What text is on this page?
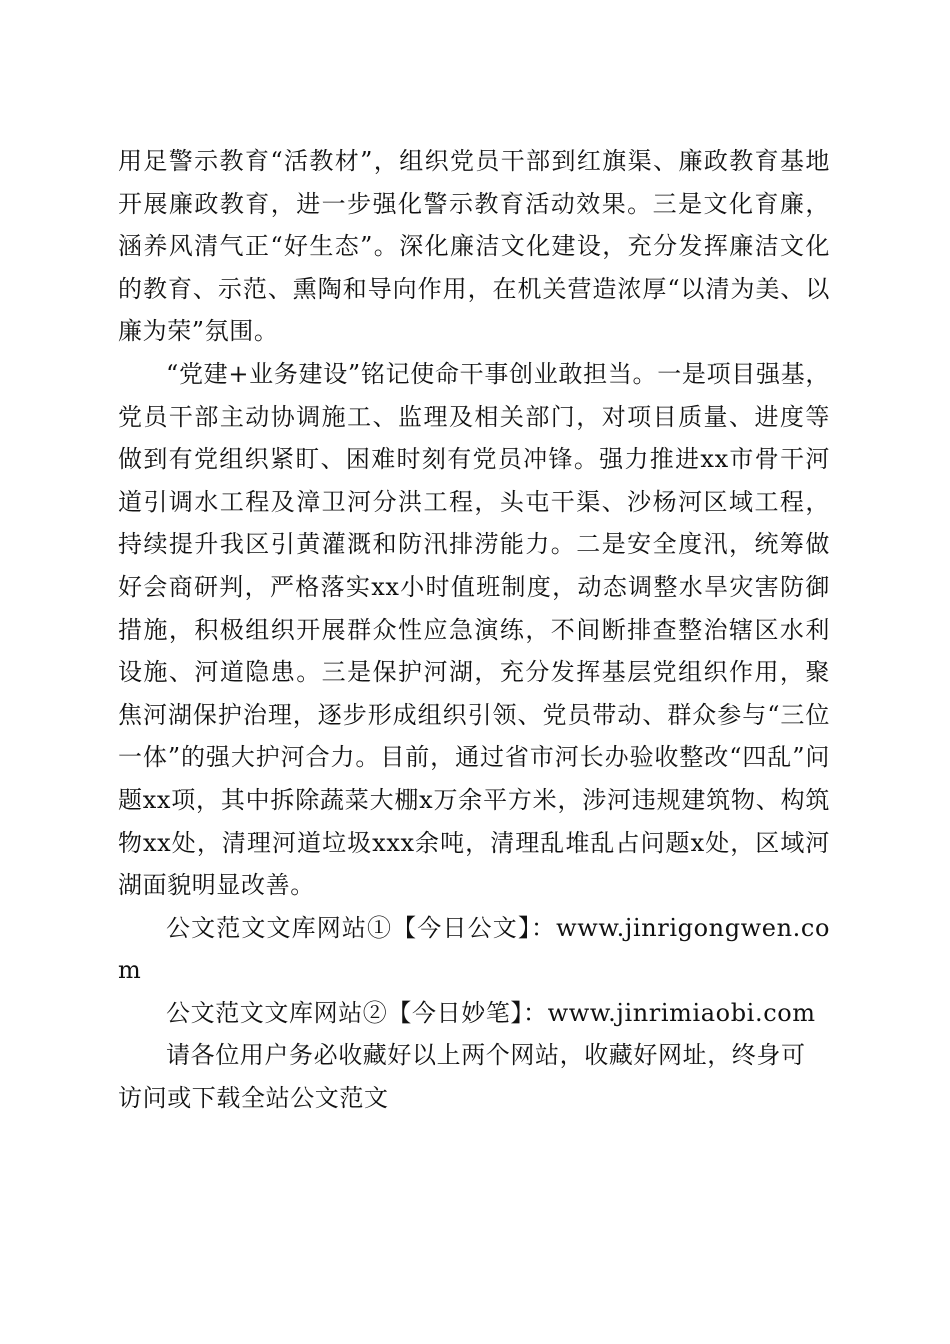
用足警示教育“活教材”，组织党员干部到红旗渠、廉政教育基地开展廉政教育，进一步强化警示教育活动效果。三是文化育廉，涵养风清气正“好生态”。深化廉洁文化建设，充分发挥廉洁文化的教育、示范、熏陶和导向作用，在机关营造浓厚“以清为美、以廉为荣”氛围。

“党建+业务建设”铭记使命干事创业敢担当。一是项目强基，党员干部主动协调施工、监理及相关部门，对项目质量、进度等做到有党组织紧盯、困难时刻有党员冲锋。强力推进xx市骨干河道引调水工程及漳卫河分洪工程，头屯干渠、沙杨河区域工程，持续提升我区引黄灌溉和防汛排涝能力。二是安全度汛，统筹做好会商研判，严格落实xx小时值班制度，动态调整水旱灾害防御措施，积极组织开展群众性应急演练，不间断排查整治辖区水利设施、河道隐患。三是保护河湖，充分发挥基层党组织作用，聚焦河湖保护治理，逐步形成组织引领、党员带动、群众参与“三位一体”的强大护河合力。目前，通过省市河长办验收整改“四乱”问题xx项，其中拆除蔬菜大棚x万余平方米，涉河违规建筑物、构筑物xx处，清理河道垃圾xxx余吨，清理乱堆乱占问题x处，区域河湖面貌明显改善。

公文范文文库网站①【今日公文】：www.jinrigongwen.com

公文范文文库网站②【今日妙笔】：www.jinrimiaobi.com

请各位用户务必收藏好以上两个网站，收藏好网址，终身可访问或下载全站公文范文
